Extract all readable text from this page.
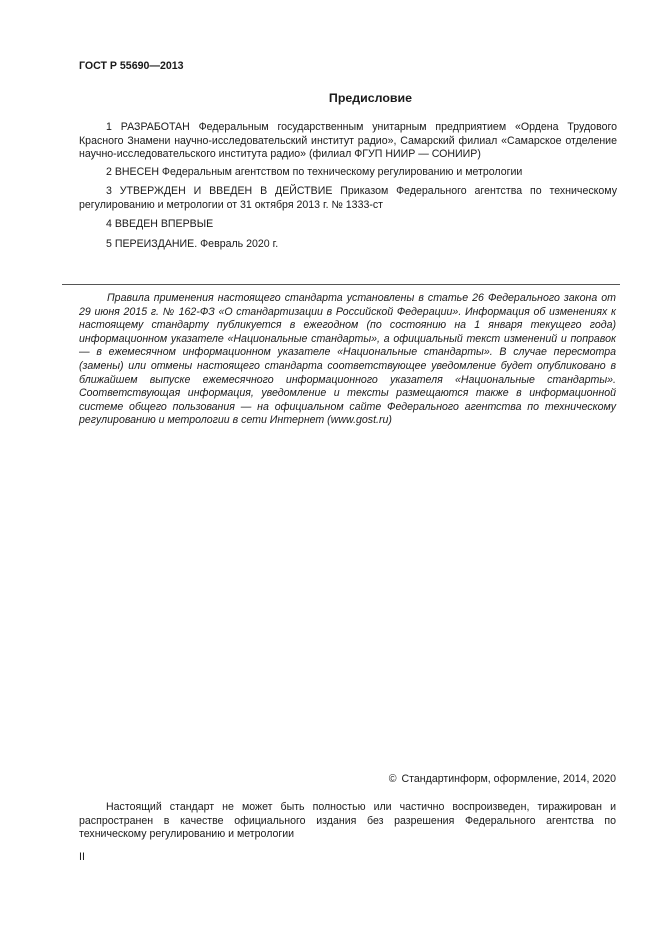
ГОСТ Р 55690—2013
Предисловие

1 РАЗРАБОТАН Федеральным государственным унитарным предприятием «Ордена Трудового Красного Знамени научно-исследовательский институт радио», Самарский филиал «Самарское отделение научно-исследовательского института радио» (филиал ФГУП НИИР — СОНИИР)

2 ВНЕСЕН Федеральным агентством по техническому регулированию и метрологии

3 УТВЕРЖДЕН И ВВЕДЕН В ДЕЙСТВИЕ Приказом Федерального агентства по техническому регулированию и метрологии от 31 октября 2013 г. № 1333-ст

4 ВВЕДЕН ВПЕРВЫЕ

5 ПЕРЕИЗДАНИЕ. Февраль 2020 г.

Правила применения настоящего стандарта установлены в статье 26 Федерального закона от 29 июня 2015 г. № 162-ФЗ «О стандартизации в Российской Федерации». Информация об изменениях к настоящему стандарту публикуется в ежегодном (по состоянию на 1 января текущего года) информационном указателе «Национальные стандарты», а официальный текст изменений и поправок — в ежемесячном информационном указателе «Национальные стандарты». В случае пересмотра (замены) или отмены настоящего стандарта соответствующее уведомление будет опубликовано в ближайшем выпуске ежемесячного информационного указателя «Национальные стандарты». Соответствующая информация, уведомление и тексты размещаются также в информационной системе общего пользования — на официальном сайте Федерального агентства по техническому регулированию и метрологии в сети Интернет (www.gost.ru)

© Стандартинформ, оформление, 2014, 2020

Настоящий стандарт не может быть полностью или частично воспроизведен, тиражирован и распространен в качестве официального издания без разрешения Федерального агентства по техническому регулированию и метрологии

II
